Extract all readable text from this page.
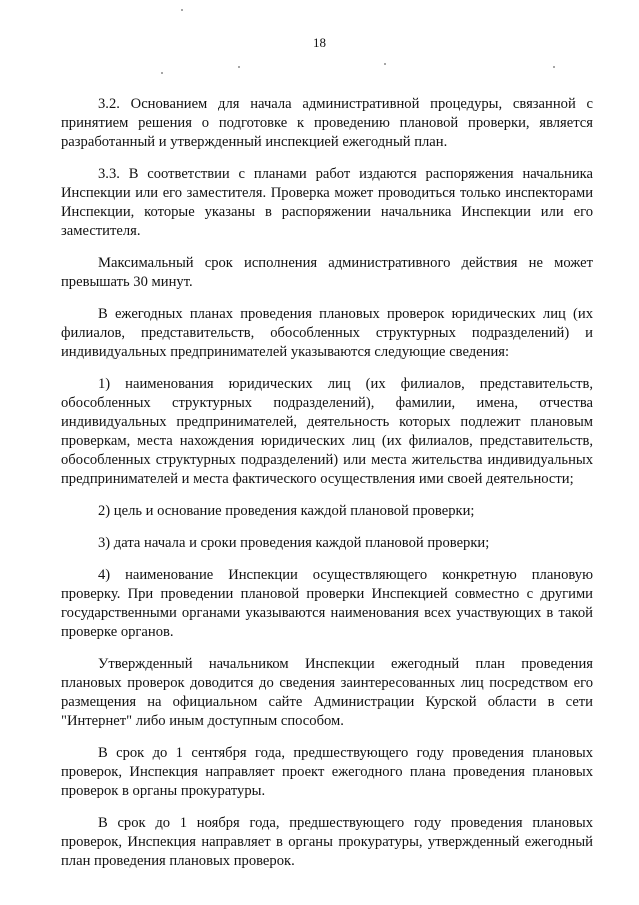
18

3.2. Основанием для начала административной процедуры, связанной с принятием решения о подготовке к проведению плановой проверки, является разработанный и утвержденный инспекцией ежегодный план.

3.3. В соответствии с планами работ издаются распоряжения начальника Инспекции или его заместителя. Проверка может проводиться только инспекторами Инспекции, которые указаны в распоряжении начальника Инспекции или его заместителя.

Максимальный срок исполнения административного действия не может превышать 30 минут.

В ежегодных планах проведения плановых проверок юридических лиц (их филиалов, представительств, обособленных структурных подразделений) и индивидуальных предпринимателей указываются следующие сведения:

1) наименования юридических лиц (их филиалов, представительств, обособленных структурных подразделений), фамилии, имена, отчества индивидуальных предпринимателей, деятельность которых подлежит плановым проверкам, места нахождения юридических лиц (их филиалов, представительств, обособленных структурных подразделений) или места жительства индивидуальных предпринимателей и места фактического осуществления ими своей деятельности;

2) цель и основание проведения каждой плановой проверки;

3) дата начала и сроки проведения каждой плановой проверки;

4) наименование Инспекции осуществляющего конкретную плановую проверку. При проведении плановой проверки Инспекцией совместно с другими государственными органами указываются наименования всех участвующих в такой проверке органов.

Утвержденный начальником Инспекции ежегодный план проведения плановых проверок доводится до сведения заинтересованных лиц посредством его размещения на официальном сайте Администрации Курской области в сети "Интернет" либо иным доступным способом.

В срок до 1 сентября года, предшествующего году проведения плановых проверок, Инспекция направляет проект ежегодного плана проведения плановых проверок в органы прокуратуры.

В срок до 1 ноября года, предшествующего году проведения плановых проверок, Инспекция направляет в органы прокуратуры, утвержденный ежегодный план проведения плановых проверок.
